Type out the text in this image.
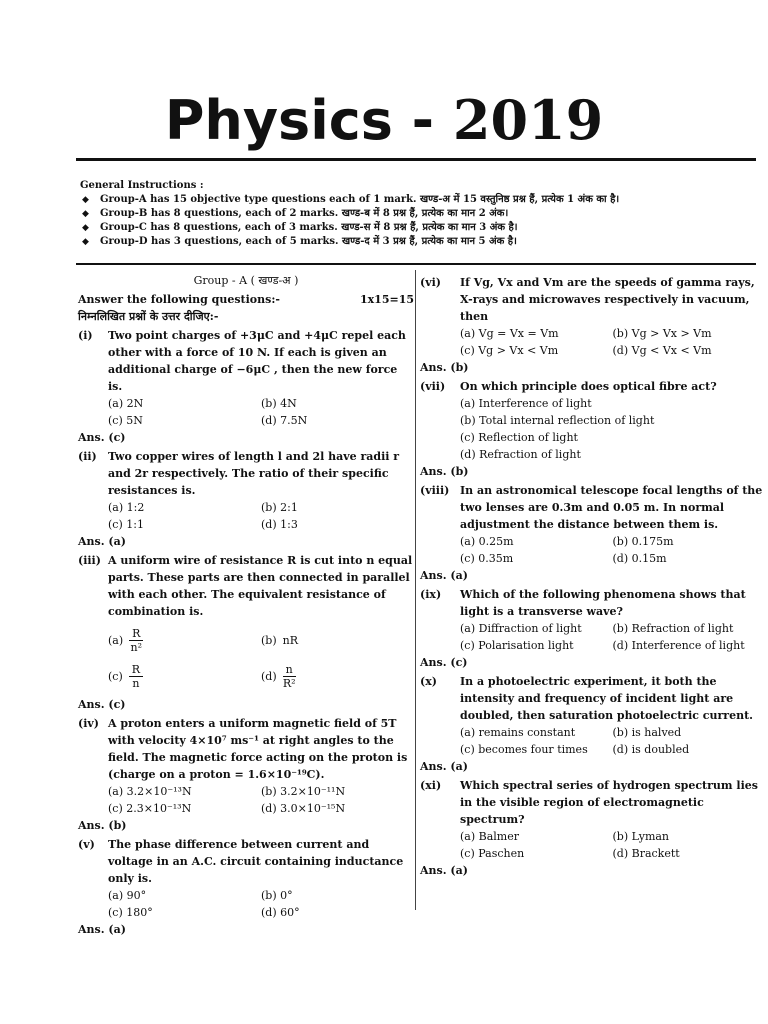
Physics - 2019
General Instructions :
◆ Group-A has 15 objective type questions each of 1 mark. खण्ड-अ में 15 वस्तुनिष्ठ प्रश्न हैं, प्रत्येक 1 अंक का है।
◆ Group-B has 8 questions, each of 2 marks. खण्ड-ब में 8 प्रश्न हैं, प्रत्येक का मान 2 अंक।
◆ Group-C has 8 questions, each of 3 marks. खण्ड-स में 8 प्रश्न हैं, प्रत्येक का मान 3 अंक है।
◆ Group-D has 3 questions, each of 5 marks. खण्ड-द में 3 प्रश्न हैं, प्रत्येक का मान 5 अंक है।
Group - A ( खण्ड-अ )
Answer the following questions:-	1x15=15
निम्नलिखित प्रश्नों के उत्तर दीजिए:-
(i)	Two point charges of +3μC and +4μC repel each other with a force of 10 N. If each is given an additional charge of −6μC , then the new force is.
(a) 2N	(b) 4N
(c) 5N	(d) 7.5N
Ans. (c)
(ii)	Two copper wires of length l and 2l have radii r and 2r respectively. The ratio of their specific resistances is.
(a) 1:2	(b) 2:1
(c) 1:1	(d) 1:3
Ans. (a)
(iii) A uniform wire of resistance R is cut into n equal parts. These parts are then connected in parallel with each other. The equivalent resistance of combination is.
$(a) \frac{R}{\text{n²}}$	(b) nR
$(c) \frac{R}{n}$	$(d) \frac{n}{\text{R²}}$
Ans. (c)
(iv) A proton enters a uniform magnetic field of 5T with velocity 4×10⁷ ms⁻¹ at right angles to the field. The magnetic force acting on the proton is (charge on a proton = 1.6×10⁻¹⁹C).
(a) 3.2×10⁻¹³N	(b) 3.2×10⁻¹¹N
(c) 2.3×10⁻¹³N	(d) 3.0×10⁻¹⁵N
Ans. (b)
(v)	The phase difference between current and voltage in an A.C. circuit containing inductance only is.
(a) 90°	(b) 0°
(c) 180°	(d) 60°
Ans. (a)
(vi)	If Vg, Vx and Vm are the speeds of gamma rays, X-rays and microwaves respectively in vacuum, then
(a) Vg = Vx = Vm	(b) Vg > Vx > Vm
(c) Vg > Vx < Vm	(d) Vg < Vx < Vm
Ans. (b)
(vii)	On which principle does optical fibre act?
(a) Interference of light
(b) Total internal reflection of light
(c) Reflection of light
(d) Refraction of light
Ans. (b)
(viii) In an astronomical telescope focal lengths of the two lenses are 0.3m and 0.05 m. In normal adjustment the distance between them is.
(a) 0.25m	(b) 0.175m
(c) 0.35m	(d) 0.15m
Ans. (a)
(ix)	Which of the following phenomena shows that light is a transverse wave?
(a) Diffraction of light	(b) Refraction of light
(c) Polarisation light	(d) Interference of light
Ans. (c)
(x)	In a photoelectric experiment, it both the intensity and frequency of incident light are doubled, then saturation photoelectric current.
(a) remains constant	(b) is halved
(c) becomes four times	(d) is doubled
Ans. (a)
(xi)	Which spectral series of hydrogen spectrum lies in the visible region of electromagnetic spectrum?
(a) Balmer	(b) Lyman
(c) Paschen	(d) Brackett
Ans. (a)
